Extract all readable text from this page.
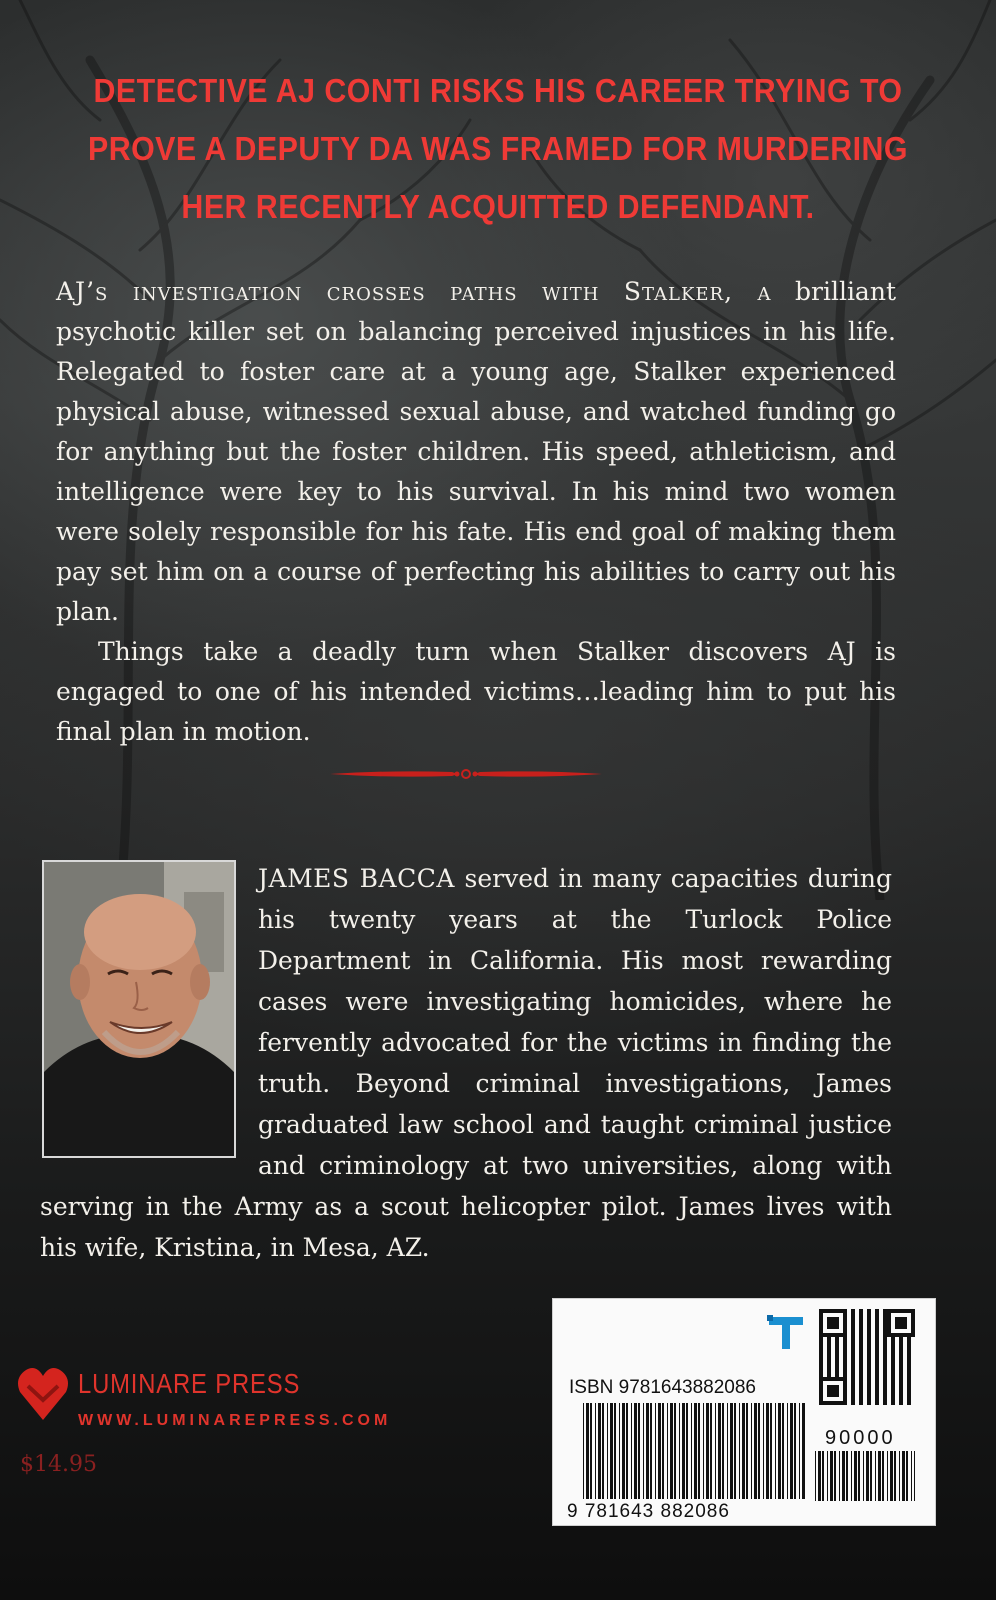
DETECTIVE AJ CONTI RISKS HIS CAREER TRYING TO
PROVE A DEPUTY DA WAS FRAMED FOR MURDERING
HER RECENTLY ACQUITTED DEFENDANT.

AJ’s investigation crosses paths with Stalker, a brilliant psychotic killer set on balancing perceived injustices in his life. Relegated to foster care at a young age, Stalker experienced physical abuse, witnessed sexual abuse, and watched funding go for anything but the foster children. His speed, athleticism, and intelligence were key to his survival. In his mind two women were solely responsible for his fate. His end goal of making them pay set him on a course of perfecting his abilities to carry out his plan.

Things take a deadly turn when Stalker discovers AJ is engaged to one of his intended victims…leading him to put his final plan in motion.

JAMES BACCA served in many capacities during his twenty years at the Turlock Police Department in California. His most rewarding cases were investigating homicides, where he fervently advocated for the victims in finding the truth. Beyond criminal investigations, James graduated law school and taught criminal justice and criminology at two universities, along with serving in the Army as a scout helicopter pilot. James lives with his wife, Kristina, in Mesa, AZ.
LUMINARE PRESS
WWW.LUMINAREPRESS.COM
$14.95
ISBN 9781643882086
90000
9 781643 882086
